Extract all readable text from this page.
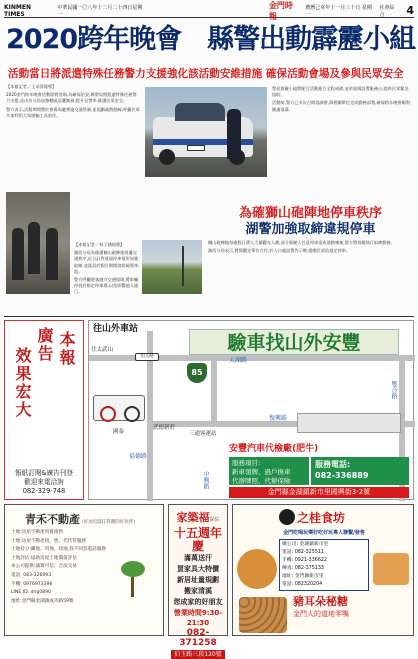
KINMEN TIMES
中華民國一〇八年十二月二十四日星期一
金門時報
農曆己亥年十一月三十日 星期一
社會綜合	4
2020跨年晚會　縣警出動霹靂小組
活動當日將派遣特殊任務警力支援強化該活動安維措施 確保活動會場及參與民眾安全

【本報記者／王采蓉報導】

2020金門跨年晚會活動即將登場,為確保治安,縣警局將派遣特殊任務警力支援,並由各分局加強轄區巡邏勤務,提升見警率,維護民眾安全。

警方表示,活動期間將於會場周邊實施交通管制,並規劃疏散動線,呼籲民眾多加利用大眾運輸工具前往。

警局霹靂小組將配合活動進行全程戒備,並於現場設置服務台,提供民眾緊急協助。

活動前,警方已多次召開協調會,與相關單位完成勤務部署,確保跨年晚會順利圓滿落幕。

為確獅山砲陣地停車秩序
湖警加強取締違規停車

【本報記者／林子涵報導】

湖西分局為維護獅山砲陣地周邊交通秩序,近日針對違規停車情形加強取締,並派員於假日期間協助疏導車流。

警方呼籲遊客遵守交通規則,將車輛停放於指定停車場,以免影響他人通行。

獅山砲陣地每逢假日湧入大量觀光人潮,部分駕駛人任意停車造成道路壅塞,警方將持續執行取締勤務。

湖西分局表示,將與觀光單位合作,於入口處設置告示牌,提醒民眾依規定停車。

本報
廣告
效果宏大
報紙訂閱&廣告刊登
歡迎來電洽詢
082-329-748
往山外車站
驗車找山外安豐
伯玉路
往太武山
太湖路
武德新莊
福德路
復興路
三通客運站
國泰
雙合路
中興路
85
安豐汽車代檢廠(肥牛)
服務項目:
新車領牌、過戶換車
代辦牌照、代辦保險
服務電話:
082-336889
金門縣金湖鎮新市里國興街3-2號
青禾不動產 (好加官邸任我選的好伙伴)
土地:房屋不動產買賣租售
土地:房屋不動產租、售、代代管服務
土地持分:購地、買地、找地,找不回答電話服務
土地評估:協助房屋土地價值評估
本公司提供:誠實可信、合法交易
電話: 083-326093
手機: 0976973396
LINE ID: dng0890
地址:金門縣金湖鎮成功路59號
家築福保佑
十五週年慶
滿萬送汗
買家具大特價
新居址量規劃
搬家清溪
您成家的好朋友
營業時間9:30-21:30
082-371258
伯玉路三段120號
之桂食坊
金門吃喝玩樂好吃好玩專人聯繫/發售
總公司: 金湖鎮新市里
電話: 082-325511
手機: 0921-336622
傳真: 082-375133
地址: 金門縣新市里
電話: 082320204
豬耳朵秘糖
金門人的道地零嘴
